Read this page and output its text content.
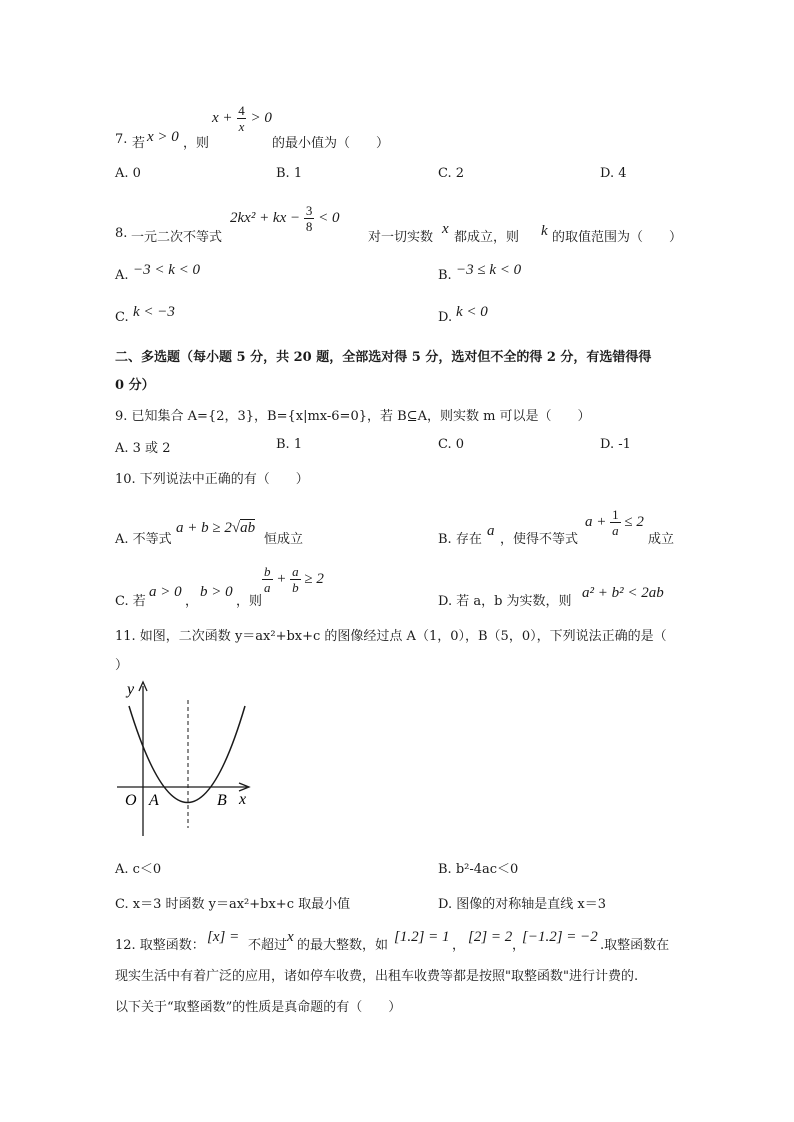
7. 若 x > 0 ，则
$x + \frac{4}{x} > 0$
的最小值为（　　）
A. 0	B. 1	C. 2	D. 4
8. 一元二次不等式
2kx² + kx − $\frac{3}{8} < 0$
对一切实数
x
都成立，则 k 的取值范围为（　　）
A. −3 < k < 0	B. −3 ≤ k < 0
C. k < −3	D. k < 0
二、多选题（每小题 5 分，共 20 题，全部选对得 5 分，选对但不全的得 2 分，有选错得得
0 分）
9. 已知集合 A={2，3}，B={x|mx-6=0}，若 B⊆A，则实数 m 可以是（　　）
A. 3 或 2	B. 1	C. 0	D. -1
10. 下列说法中正确的有（　　）
A. 不等式
a + b ≥ 2√ab
恒成立	B. 存在
a
，使得不等式
$a + \frac{1}{a} \le 2$
成立
C. 若
a > 0
，
b > 0
，则
$\frac{b}{a} + \frac{a}{b} \ge 2$
D. 若 a，b 为实数，则
a² + b² < 2ab
11. 如图，二次函数 y＝ax²+bx+c 的图像经过点 A（1，0），B（5，0），下列说法正确的是（
）
y
x
O A	B
A. c＜0	B. b²-4ac＜0
C. x＝3 时函数 y＝ax²+bx+c 取最小值	D. 图像的对称轴是直线 x＝3
12. 取整函数：
[x] =
不超过
x
的最大整数，如
[1.2] = 1
，
[2] = 2
，
[−1.2] = −2
.取整函数在
现实生活中有着广泛的应用，诸如停车收费，出租车收费等都是按照"取整函数"进行计费的.
以下关于“取整函数”的性质是真命题的有（　　）
